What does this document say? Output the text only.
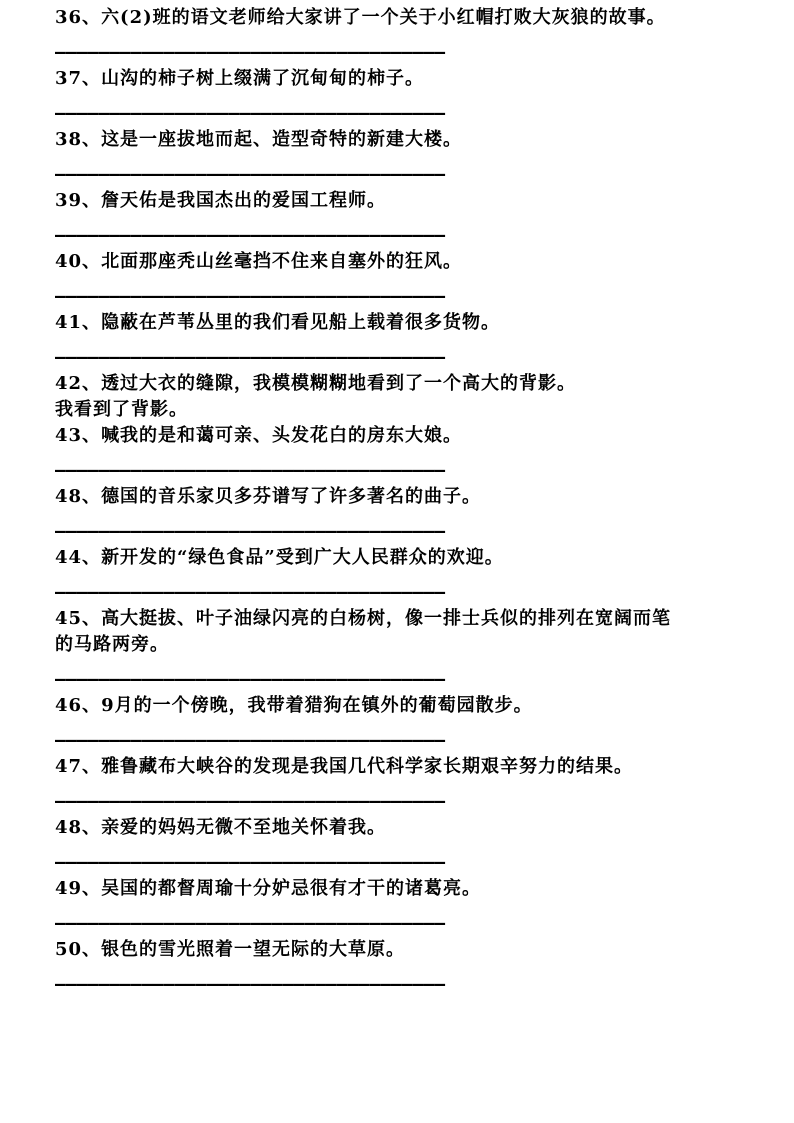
36、六(2)班的语文老师给大家讲了一个关于小红帽打败大灰狼的故事。
————————————————————————————————————
37、山沟的柿子树上缀满了沉甸甸的柿子。
————————————————————————————————————
38、这是一座拔地而起、造型奇特的新建大楼。
————————————————————————————————————
39、詹天佑是我国杰出的爱国工程师。
————————————————————————————————————
40、北面那座秃山丝毫挡不住来自塞外的狂风。
————————————————————————————————————
41、隐蔽在芦苇丛里的我们看见船上载着很多货物。
————————————————————————————————————
42、透过大衣的缝隙，我模模糊糊地看到了一个高大的背影。
我看到了背影。
43、喊我的是和蔼可亲、头发花白的房东大娘。
————————————————————————————————————
48、德国的音乐家贝多芬谱写了许多著名的曲子。
————————————————————————————————————
44、新开发的“绿色食品”受到广大人民群众的欢迎。
————————————————————————————————————
45、高大挺拔、叶子油绿闪亮的白杨树，像一排士兵似的排列在宽阔而笔
的马路两旁。
————————————————————————————————————
46、9月的一个傍晚，我带着猎狗在镇外的葡萄园散步。
————————————————————————————————————
47、雅鲁藏布大峡谷的发现是我国几代科学家长期艰辛努力的结果。
————————————————————————————————————
48、亲爱的妈妈无微不至地关怀着我。
————————————————————————————————————
49、吴国的都督周瑜十分妒忌很有才干的诸葛亮。
————————————————————————————————————
50、银色的雪光照着一望无际的大草原。
————————————————————————————————————
